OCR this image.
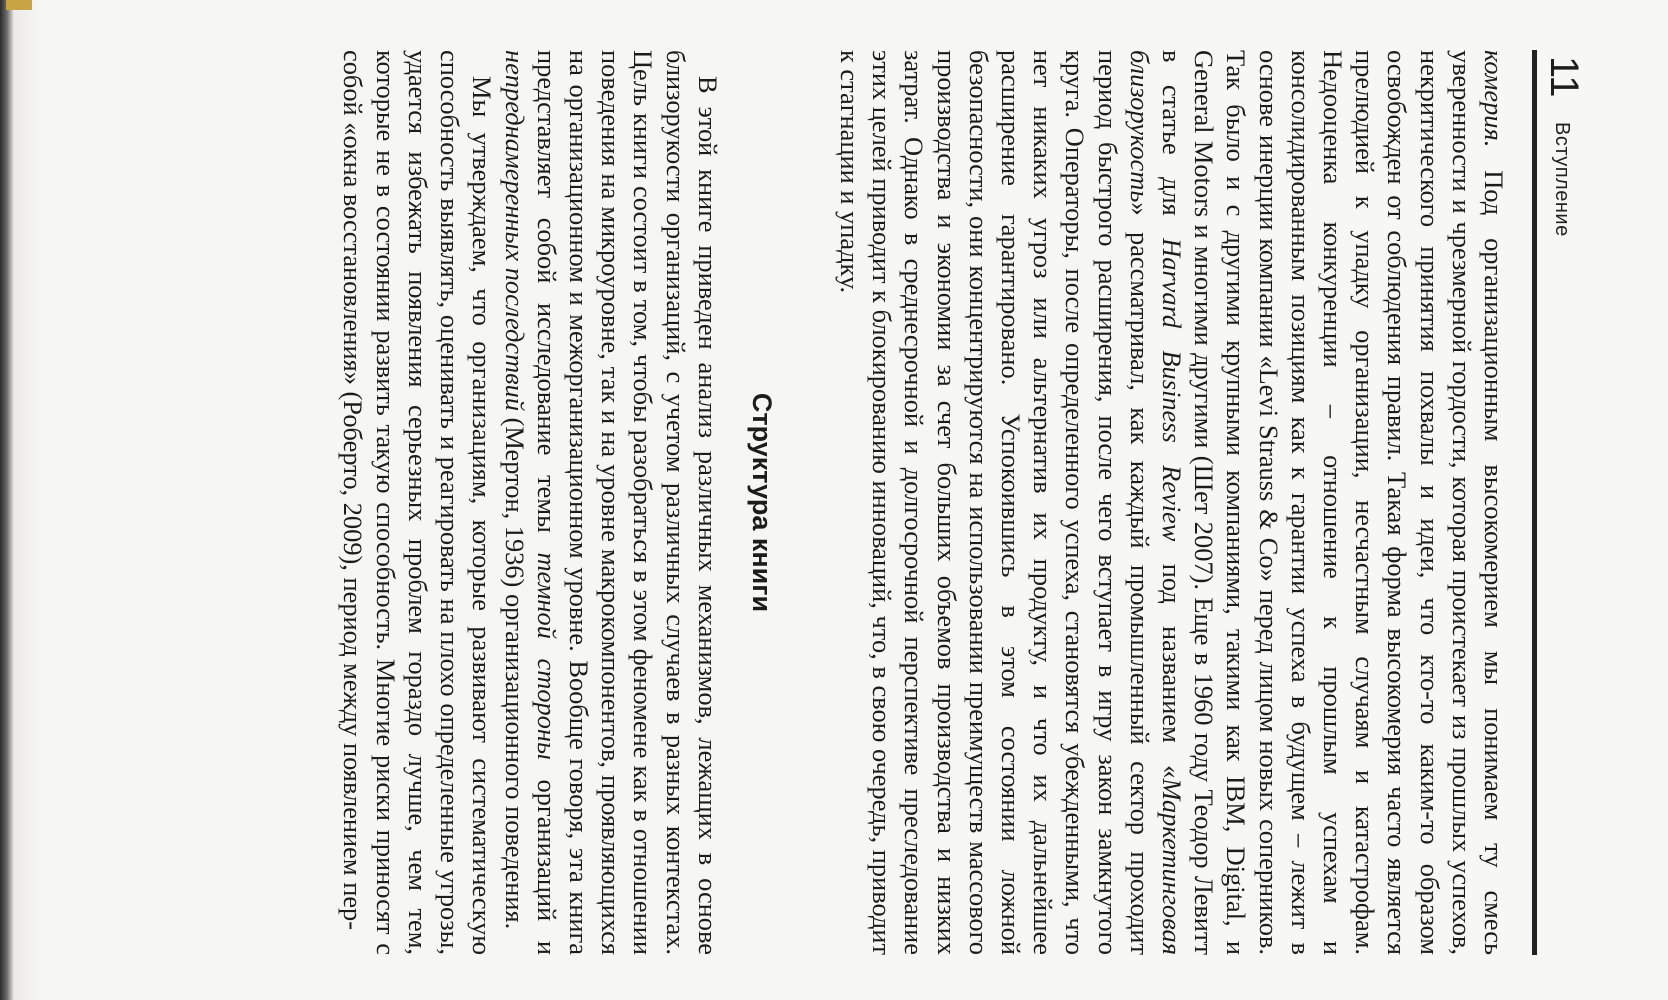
11
Вступление

комерия. Под организационным высокомерием мы понимаем ту смесь уверенности и чрезмерной гордости, которая проистекает из прошлых успехов, некритического принятия похвалы и идеи, что кто-то каким-то образом освобожден от соблюдения правил. Такая форма высокомерия часто является прелюдией к упадку организации, несчастным случаям и катастрофам. Недооценка конкуренции – отношение к прошлым успехам и консолидированным позициям как к гарантии успеха в будущем – лежит в основе инерции компании «Levi Strauss & Co» перед лицом новых соперников. Так было и с другими крупными компаниями, такими как IBM, Digital, и General Motors и многими другими (Шет 2007). Еще в 1960 году Теодор Левитт в статье для Harvard Business Review под названием «Маркетинговая близорукость» рассматривал, как каждый промышленный сектор проходит период быстрого расширения, после чего вступает в игру закон замкнутого круга. Операторы, после определенного успеха, становятся убежденными, что нет никаких угроз или альтернатив их продукту, и что их дальнейшее расширение гарантировано. Успокоившись в этом состоянии ложной безопасности, они концентрируются на использовании преимуществ массового производства и экономии за счет больших объемов производства и низких затрат. Однако в среднесрочной и долгосрочной перспективе преследование этих целей приводит к блокированию инноваций, что, в свою очередь, приводит к стагнации и упадку.

Структура книги

В этой книге приведен анализ различных механизмов, лежащих в основе близорукости организаций, с учетом различных случаев в разных контекстах. Цель книги состоит в том, чтобы разобраться в этом феномене как в отношении поведения на микроуровне, так и на уровне макрокомпонентов, проявляющихся на организационном и межорганизационном уровне. Вообще говоря, эта книга представляет собой исследование темы темной стороны организаций и непреднамеренных последствий (Мертон, 1936) организационного поведения.

Мы утверждаем, что организациям, которые развивают систематическую способность выявлять, оценивать и реагировать на плохо определенные угрозы, удается избежать появления серьезных проблем гораздо лучше, чем тем, которые не в состоянии развить такую способность. Многие риски приносят с собой «окна восстановления» (Роберто, 2009), период между появлением пер-
